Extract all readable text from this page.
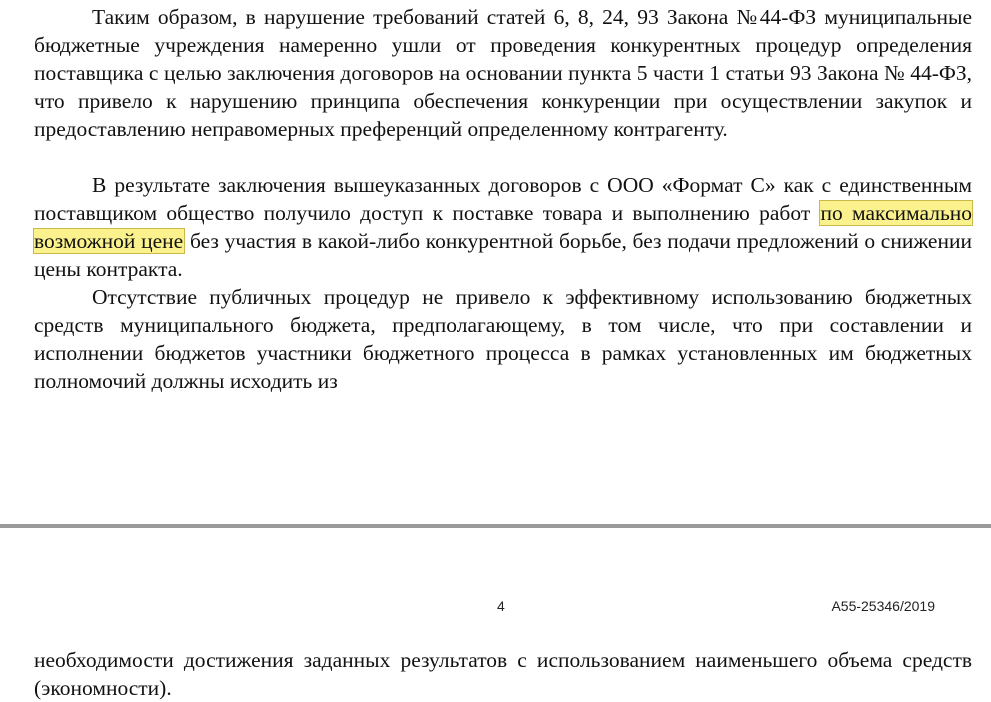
Таким образом, в нарушение требований статей 6, 8, 24, 93 Закона №44-ФЗ муниципальные бюджетные учреждения намеренно ушли от проведения конкурентных процедур определения поставщика с целью заключения договоров на основании пункта 5 части 1 статьи 93 Закона № 44-ФЗ, что привело к нарушению принципа обеспечения конкуренции при осуществлении закупок и предоставлению неправомерных преференций определенному контрагенту.

В результате заключения вышеуказанных договоров с ООО «Формат С» как с единственным поставщиком общество получило доступ к поставке товара и выполнению работ по максимально возможной цене без участия в какой-либо конкурентной борьбе, без подачи предложений о снижении цены контракта.

Отсутствие публичных процедур не привело к эффективному использованию бюджетных средств муниципального бюджета, предполагающему, в том числе, что при составлении и исполнении бюджетов участники бюджетного процесса в рамках установленных им бюджетных полномочий должны исходить из

4	А55-25346/2019

необходимости достижения заданных результатов с использованием наименьшего объема средств (экономности).
